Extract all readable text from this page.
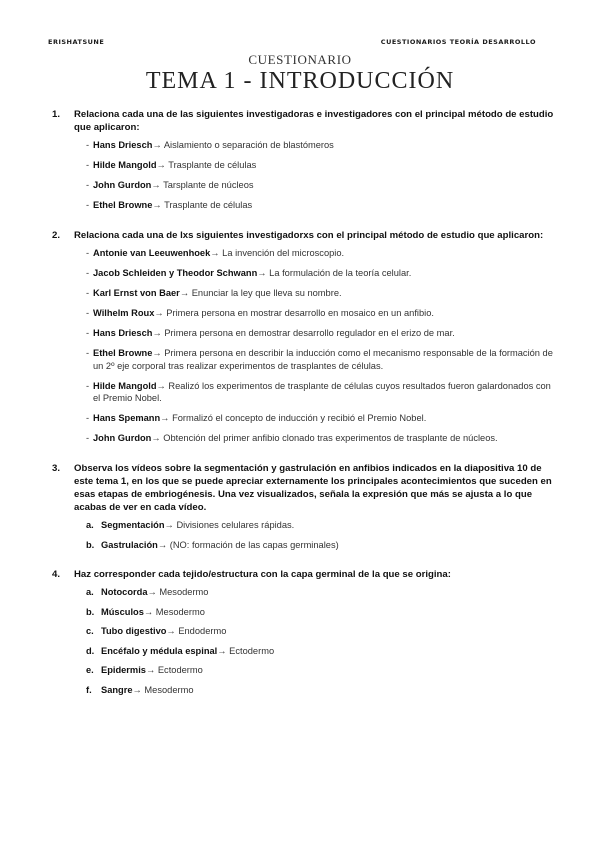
ERISHATSUNE	CUESTIONARIOS TEORÍA DESARROLLO
CUESTIONARIO
TEMA 1 - INTRODUCCIÓN
1.	Relaciona cada una de las siguientes investigadoras e investigadores con el principal método de estudio que aplicaron:
- Hans Driesch→ Aislamiento o separación de blastómeros
- Hilde Mangold→ Trasplante de células
- John Gurdon→ Tarsplante de núcleos
- Ethel Browne→ Trasplante de células
2.	Relaciona cada una de lxs siguientes investigadorxs con el principal método de estudio que aplicaron:
- Antonie van Leeuwenhoek→ La invención del microscopio.
- Jacob Schleiden y Theodor Schwann→ La formulación de la teoría celular.
- Karl Ernst von Baer→ Enunciar la ley que lleva su nombre.
- Wilhelm Roux→ Primera persona en mostrar desarrollo en mosaico en un anfibio.
- Hans Driesch→ Primera persona en demostrar desarrollo regulador en el erizo de mar.
- Ethel Browne→ Primera persona en describir la inducción como el mecanismo responsable de la formación de un 2º eje corporal tras realizar experimentos de trasplantes de células.
- Hilde Mangold→ Realizó los experimentos de trasplante de células cuyos resultados fueron galardonados con el Premio Nobel.
- Hans Spemann→ Formalizó el concepto de inducción y recibió el Premio Nobel.
- John Gurdon→ Obtención del primer anfibio clonado tras experimentos de trasplante de núcleos.
3.	Observa los vídeos sobre la segmentación y gastrulación en anfibios indicados en la diapositiva 10 de este tema 1, en los que se puede apreciar externamente los principales acontecimientos que suceden en esas etapas de embriogénesis. Una vez visualizados, señala la expresión que más se ajusta a lo que acabas de ver en cada vídeo.
a. Segmentación→ Divisiones celulares rápidas.
b. Gastrulación→ (NO: formación de las capas germinales)
4.	Haz corresponder cada tejido/estructura con la capa germinal de la que se origina:
a. Notocorda→ Mesodermo
b. Músculos→ Mesodermo
c. Tubo digestivo→ Endodermo
d. Encéfalo y médula espinal→ Ectodermo
e. Epidermis→ Ectodermo
f.	Sangre→ Mesodermo
